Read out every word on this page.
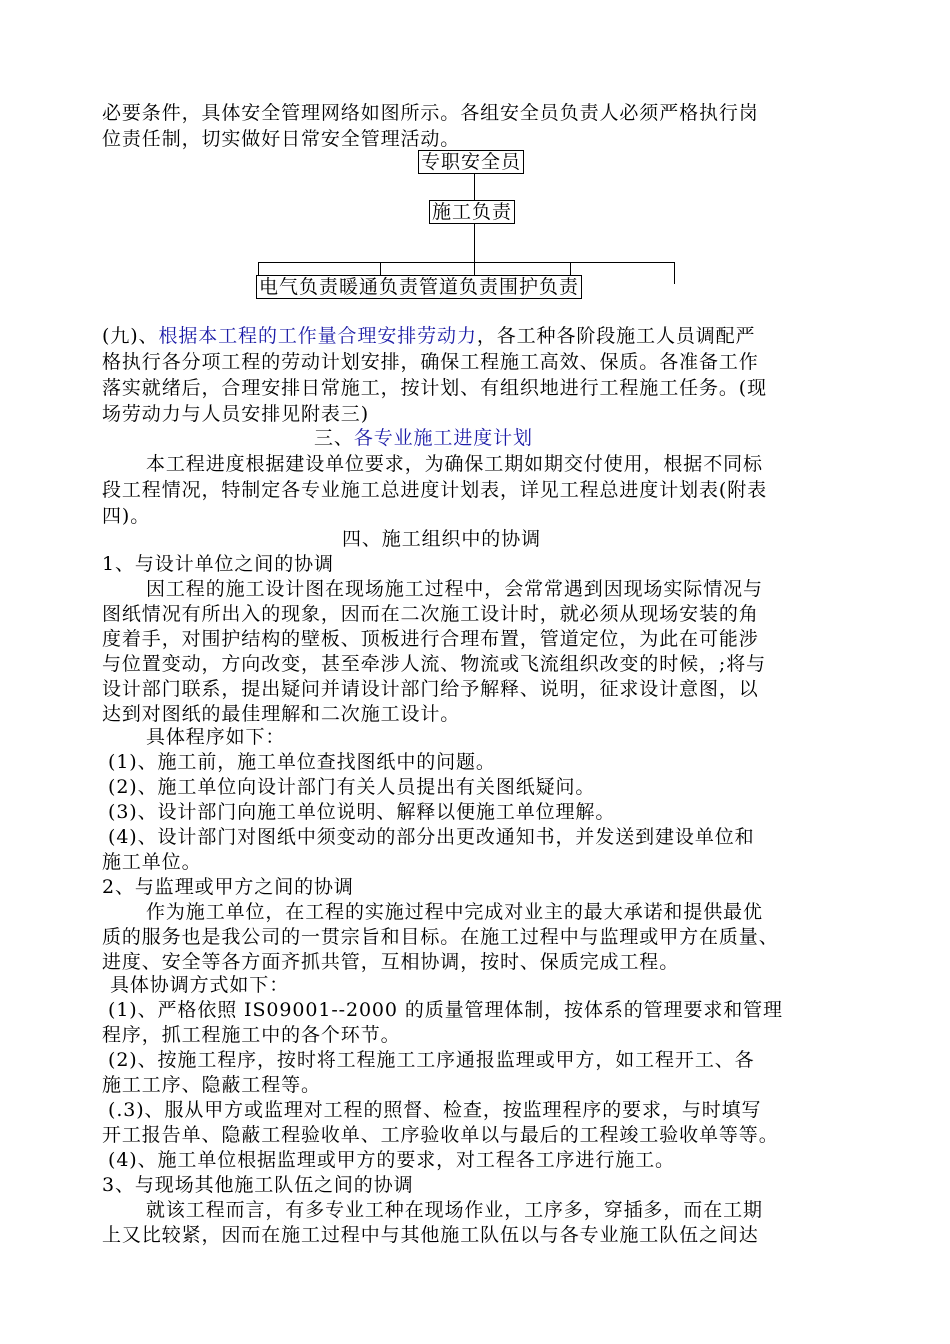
必要条件，具体安全管理网络如图所示。各组安全员负责人必须严格执行岗
位责任制，切实做好日常安全管理活动。
专职安全员
施工负责
电气负责暖通负责管道负责围护负责
(九)、根据本工程的工作量合理安排劳动力，各工种各阶段施工人员调配严
格执行各分项工程的劳动计划安排，确保工程施工高效、保质。各准备工作
落实就绪后，合理安排日常施工，按计划、有组织地进行工程施工任务。(现
场劳动力与人员安排见附表三)
三、各专业施工进度计划
本工程进度根据建设单位要求，为确保工期如期交付使用，根据不同标
段工程情况，特制定各专业施工总进度计划表，详见工程总进度计划表(附表
四)。
四、施工组织中的协调
1、与设计单位之间的协调
因工程的施工设计图在现场施工过程中，会常常遇到因现场实际情况与
图纸情况有所出入的现象，因而在二次施工设计时，就必须从现场安装的角
度着手，对围护结构的壁板、顶板进行合理布置，管道定位，为此在可能涉
与位置变动，方向改变，甚至牵涉人流、物流或飞流组织改变的时候，;将与
设计部门联系，提出疑问并请设计部门给予解释、说明，征求设计意图，以
达到对图纸的最佳理解和二次施工设计。
具体程序如下：
(1)、施工前，施工单位查找图纸中的问题。
(2)、施工单位向设计部门有关人员提出有关图纸疑问。
(3)、设计部门向施工单位说明、解释以便施工单位理解。
(4)、设计部门对图纸中须变动的部分出更改通知书，并发送到建设单位和
施工单位。
2、与监理或甲方之间的协调
作为施工单位，在工程的实施过程中完成对业主的最大承诺和提供最优
质的服务也是我公司的一贯宗旨和目标。在施工过程中与监理或甲方在质量、
进度、安全等各方面齐抓共管，互相协调，按时、保质完成工程。
具体协调方式如下：
(1)、严格依照 IS09001--2000 的质量管理体制，按体系的管理要求和管理
程序，抓工程施工中的各个环节。
(2)、按施工程序，按时将工程施工工序通报监理或甲方，如工程开工、各
施工工序、隐蔽工程等。
(.3)、服从甲方或监理对工程的照督、检查，按监理程序的要求，与时填写
开工报告单、隐蔽工程验收单、工序验收单以与最后的工程竣工验收单等等。
(4)、施工单位根据监理或甲方的要求，对工程各工序进行施工。
3、与现场其他施工队伍之间的协调
就该工程而言，有多专业工种在现场作业，工序多，穿插多，而在工期
上又比较紧，因而在施工过程中与其他施工队伍以与各专业施工队伍之间达
